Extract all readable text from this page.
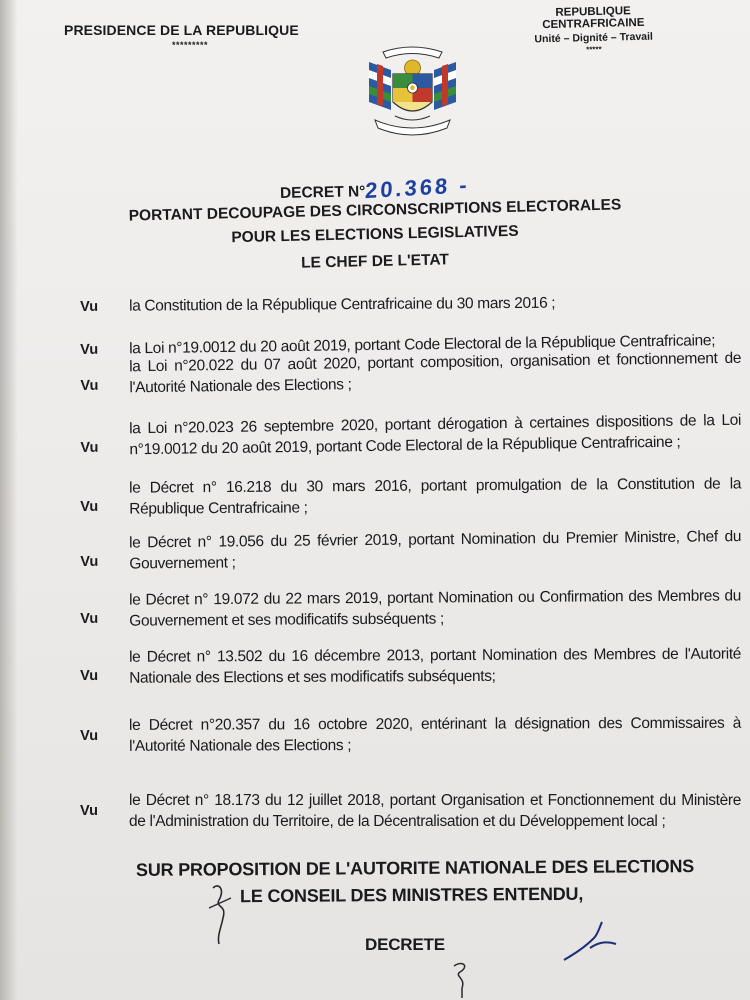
PRESIDENCE DE LA REPUBLIQUE
*********
REPUBLIQUE CENTRAFRICAINE
Unité – Dignité – Travail
*****
DECRET N°20.368 -
PORTANT DECOUPAGE DES CIRCONSCRIPTIONS ELECTORALES
POUR LES ELECTIONS LEGISLATIVES
LE CHEF DE L'ETAT
Vu la Constitution de la République Centrafricaine du 30 mars 2016 ;
Vu la Loi n°19.0012 du 20 août 2019, portant Code Electoral de la République Centrafricaine;
Vu
la Loi n°20.022 du 07 août 2020, portant composition, organisation et fonctionnement de l'Autorité Nationale des Elections ;
Vu
la Loi n°20.023 26 septembre 2020, portant dérogation à certaines dispositions de la Loi n°19.0012 du 20 août 2019, portant Code Electoral de la République Centrafricaine ;
Vu
le Décret n° 16.218 du 30 mars 2016, portant promulgation de la Constitution de la République Centrafricaine ;
Vu
le Décret n° 19.056 du 25 février 2019, portant Nomination du Premier Ministre, Chef du Gouvernement ;
Vu
le Décret n° 19.072 du 22 mars 2019, portant Nomination ou Confirmation des Membres du Gouvernement et ses modificatifs subséquents ;
Vu
le Décret n° 13.502 du 16 décembre 2013, portant Nomination des Membres de l'Autorité Nationale des Elections et ses modificatifs subséquents;
Vu
le Décret n°20.357 du 16 octobre 2020, entérinant la désignation des Commissaires à l'Autorité Nationale des Elections ;
Vu
le Décret n° 18.173 du 12 juillet 2018, portant Organisation et Fonctionnement du Ministère de l'Administration du Territoire, de la Décentralisation et du Développement local ;
SUR PROPOSITION DE L'AUTORITE NATIONALE DES ELECTIONS
LE CONSEIL DES MINISTRES ENTENDU,
DECRETE
